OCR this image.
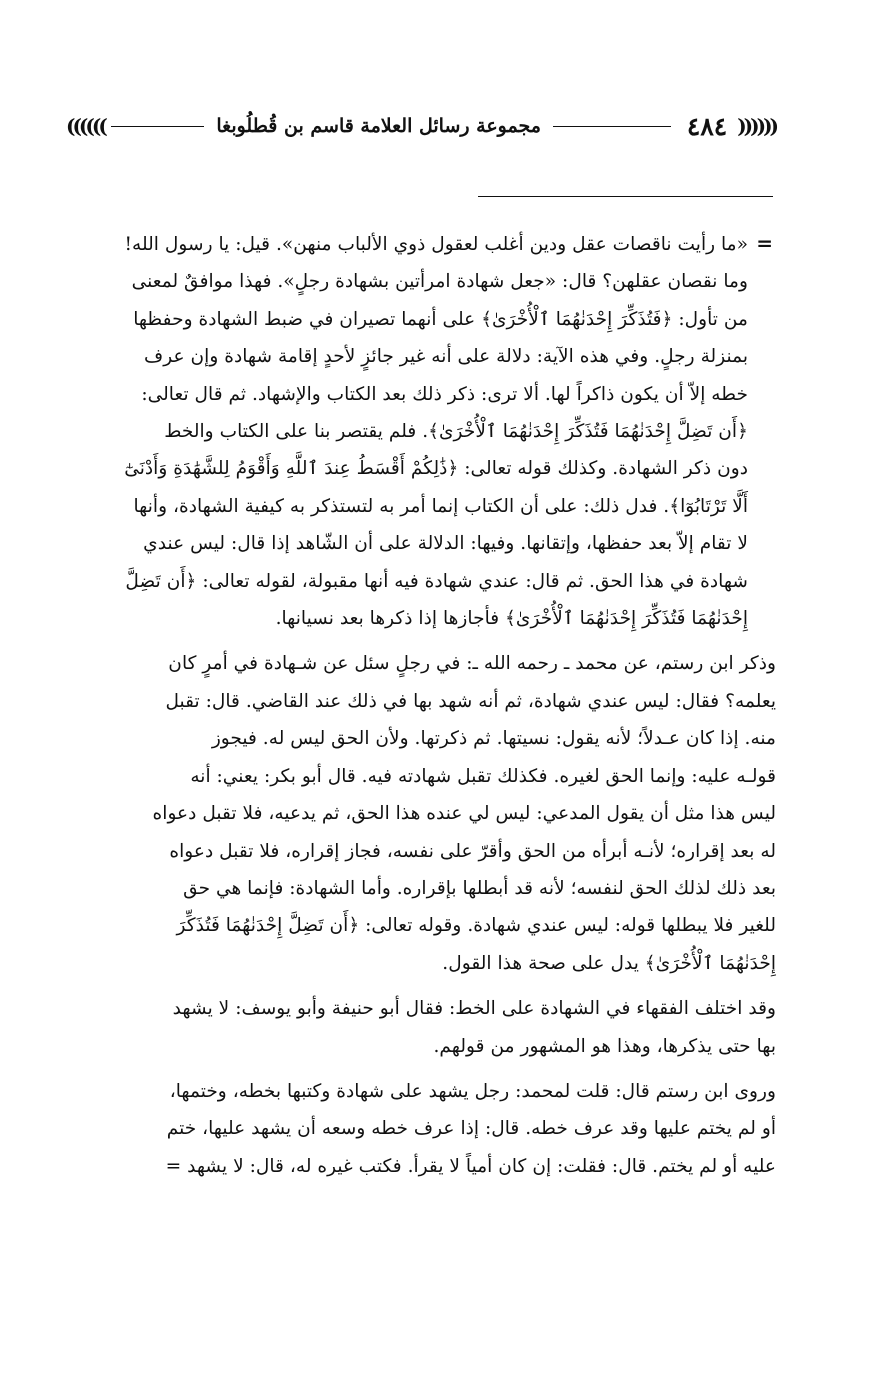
((((((
٤٨٤
مجموعة رسائل العلامة قاسم بن قُطلُوبغا
))))))
=
«ما رأيت ناقصات عقل ودين أغلب لعقول ذوي الألباب منهن». قيل: يا رسول الله!
وما نقصان عقلهن؟ قال: «جعل شهادة امرأتين بشهادة رجلٍ». فهذا موافقٌ لمعنى
من تأول: ﴿فَتُذَكِّرَ إِحْدَنٰهُمَا ٱلْأُخْرَىٰ﴾ على أنهما تصيران في ضبط الشهادة وحفظها
بمنزلة رجلٍ. وفي هذه الآية: دلالة على أنه غير جائزٍ لأحدٍ إقامة شهادة وإن عرف
خطه إلاّ أن يكون ذاكراً لها. ألا ترى: ذكر ذلك بعد الكتاب والإشهاد. ثم قال تعالى:
﴿أَن تَضِلَّ إِحْدَنٰهُمَا فَتُذَكِّرَ إِحْدَنٰهُمَا ٱلْأُخْرَىٰ﴾. فلم يقتصر بنا على الكتاب والخط
دون ذكر الشهادة. وكذلك قوله تعالى: ﴿ذَٰلِكُمْ أَقْسَطُ عِندَ ٱللَّهِ وَأَقْوَمُ لِلشَّهَٰدَةِ وَأَدْنَىٰٓ
أَلَّا تَرْتَابُوٓا﴾. فدل ذلك: على أن الكتاب إنما أمر به لتستذكر به كيفية الشهادة، وأنها
لا تقام إلاّ بعد حفظها، وإتقانها. وفيها: الدلالة على أن الشّاهد إذا قال: ليس عندي
شهادة في هذا الحق. ثم قال: عندي شهادة فيه أنها مقبولة، لقوله تعالى: ﴿أَن تَضِلَّ
إِحْدَنٰهُمَا فَتُذَكِّرَ إِحْدَنٰهُمَا ٱلْأُخْرَىٰ﴾ فأجازها إذا ذكرها بعد نسيانها.
وذكر ابن رستم، عن محمد ـ رحمه الله ـ: في رجلٍ سئل عن شـهادة في أمرٍ كان
يعلمه؟ فقال: ليس عندي شهادة، ثم أنه شهد بها في ذلك عند القاضي. قال: تقبل
منه. إذا كان عـدلاً؛ لأنه يقول: نسيتها. ثم ذكرتها. ولأن الحق ليس له. فيجوز
قولـه عليه: وإنما الحق لغيره. فكذلك تقبل شهادته فيه. قال أبو بكر: يعني: أنه
ليس هذا مثل أن يقول المدعي: ليس لي عنده هذا الحق، ثم يدعيه، فلا تقبل دعواه
له بعد إقراره؛ لأنـه أبرأه من الحق وأقرّ على نفسه، فجاز إقراره، فلا تقبل دعواه
بعد ذلك لذلك الحق لنفسه؛ لأنه قد أبطلها بإقراره. وأما الشهادة: فإنما هي حق
للغير فلا يبطلها قوله: ليس عندي شهادة. وقوله تعالى: ﴿أَن تَضِلَّ إِحْدَنٰهُمَا فَتُذَكِّرَ
إِحْدَنٰهُمَا ٱلْأُخْرَىٰ﴾ يدل على صحة هذا القول.
وقد اختلف الفقهاء في الشهادة على الخط: فقال أبو حنيفة وأبو يوسف: لا يشهد
بها حتى يذكرها، وهذا هو المشهور من قولهم.
وروى ابن رستم قال: قلت لمحمد: رجل يشهد على شهادة وكتبها بخطه، وختمها،
أو لم يختم عليها وقد عرف خطه. قال: إذا عرف خطه وسعه أن يشهد عليها، ختم
عليه أو لم يختم. قال: فقلت: إن كان أمياً لا يقرأ. فكتب غيره له، قال: لا يشهد =
